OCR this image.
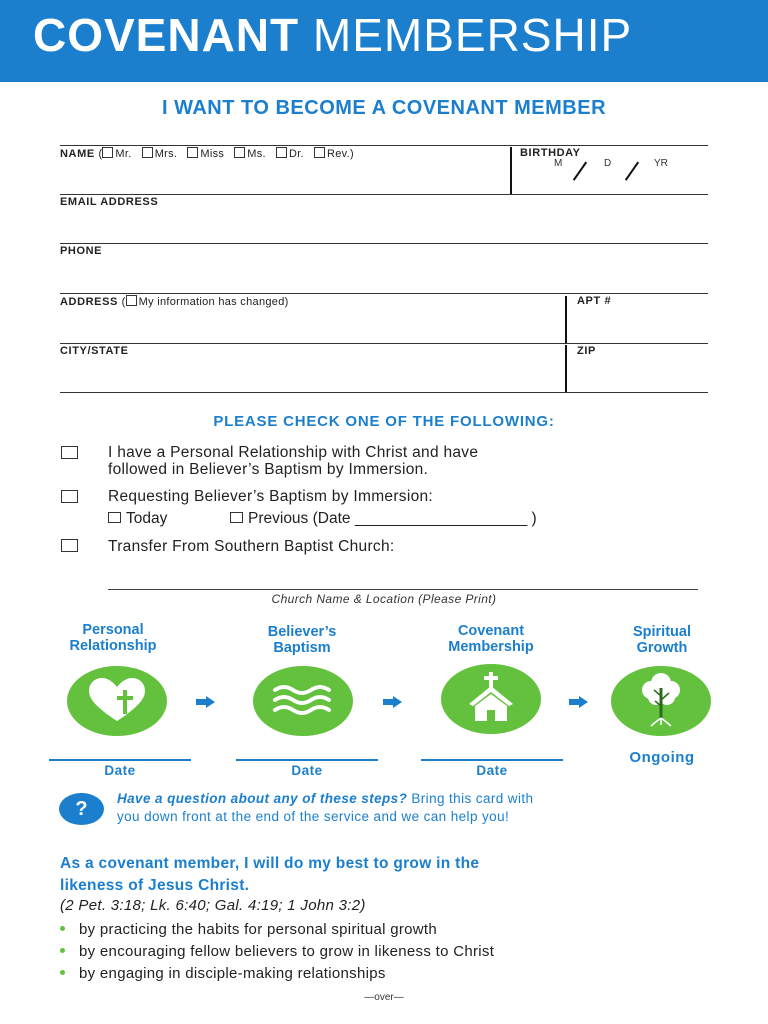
COVENANT MEMBERSHIP
I WANT TO BECOME A COVENANT MEMBER
NAME ( Mr. Mrs. Miss Ms. Dr. Rev.)	BIRTHDAY
M	D	YR
EMAIL ADDRESS
PHONE
ADDRESS ( My information has changed)	APT #
CITY/STATE	ZIP
PLEASE CHECK ONE OF THE FOLLOWING:
I have a Personal Relationship with Christ and have
followed in Believer’s Baptism by Immersion.
Requesting Believer’s Baptism by Immersion:
Today	Previous (Date ____________________ )
Transfer From Southern Baptist Church:
Church Name & Location (Please Print)
Personal
Relationship
Believer’s
Baptism
Covenant
Membership
Spiritual
Growth
Date	Date	Date
Ongoing
?	Have a question about any of these steps? Bring this card with
you down front at the end of the service and we can help you!
As a covenant member, I will do my best to grow in the
likeness of Jesus Christ.
(2 Pet. 3:18; Lk. 6:40; Gal. 4:19; 1 John 3:2)
by practicing the habits for personal spiritual growth
by encouraging fellow believers to grow in likeness to Christ
by engaging in disciple-making relationships
—over—
